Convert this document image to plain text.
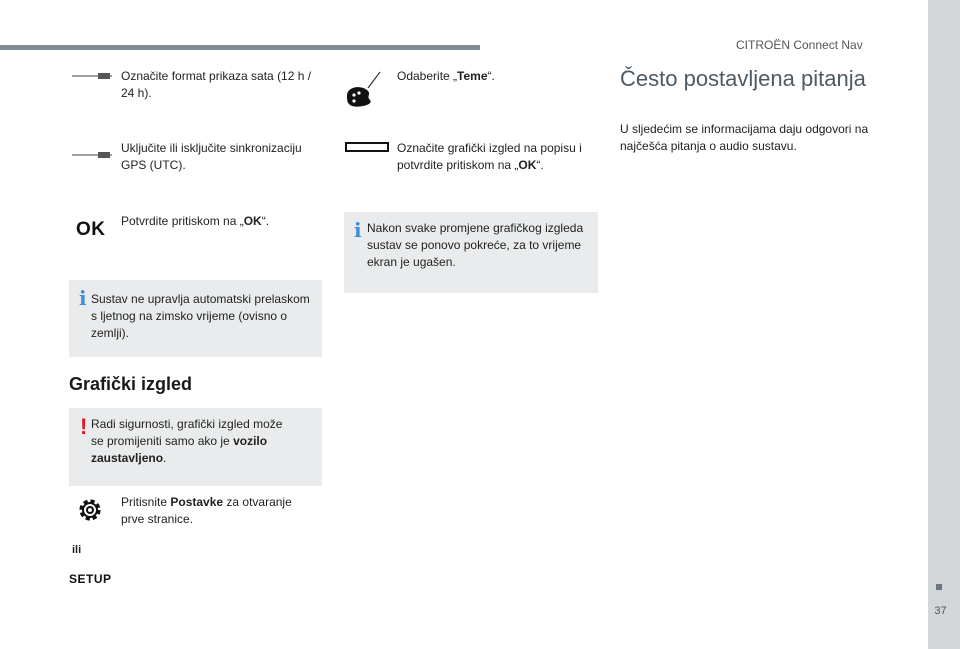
CITROËN Connect Nav
37
Označite format prikaza sata (12 h / 24 h).
Uključite ili isključite sinkronizaciju GPS (UTC).
OK Potvrdite pritiskom na „OK“.
i Sustav ne upravlja automatski prelaskom s ljetnog na zimsko vrijeme (ovisno o zemlji).
Grafički izgled
! Radi sigurnosti, grafički izgled može se promijeniti samo ako je vozilo zaustavljeno.
Pritisnite Postavke za otvaranje prve stranice.
ili
SETUP
Odaberite „Teme“.
Označite grafički izgled na popisu i potvrdite pritiskom na „OK“.
i Nakon svake promjene grafičkog izgleda sustav se ponovo pokreće, za to vrijeme ekran je ugašen.
Često postavljena pitanja
U sljedećim se informacijama daju odgovori na najčešća pitanja o audio sustavu.
